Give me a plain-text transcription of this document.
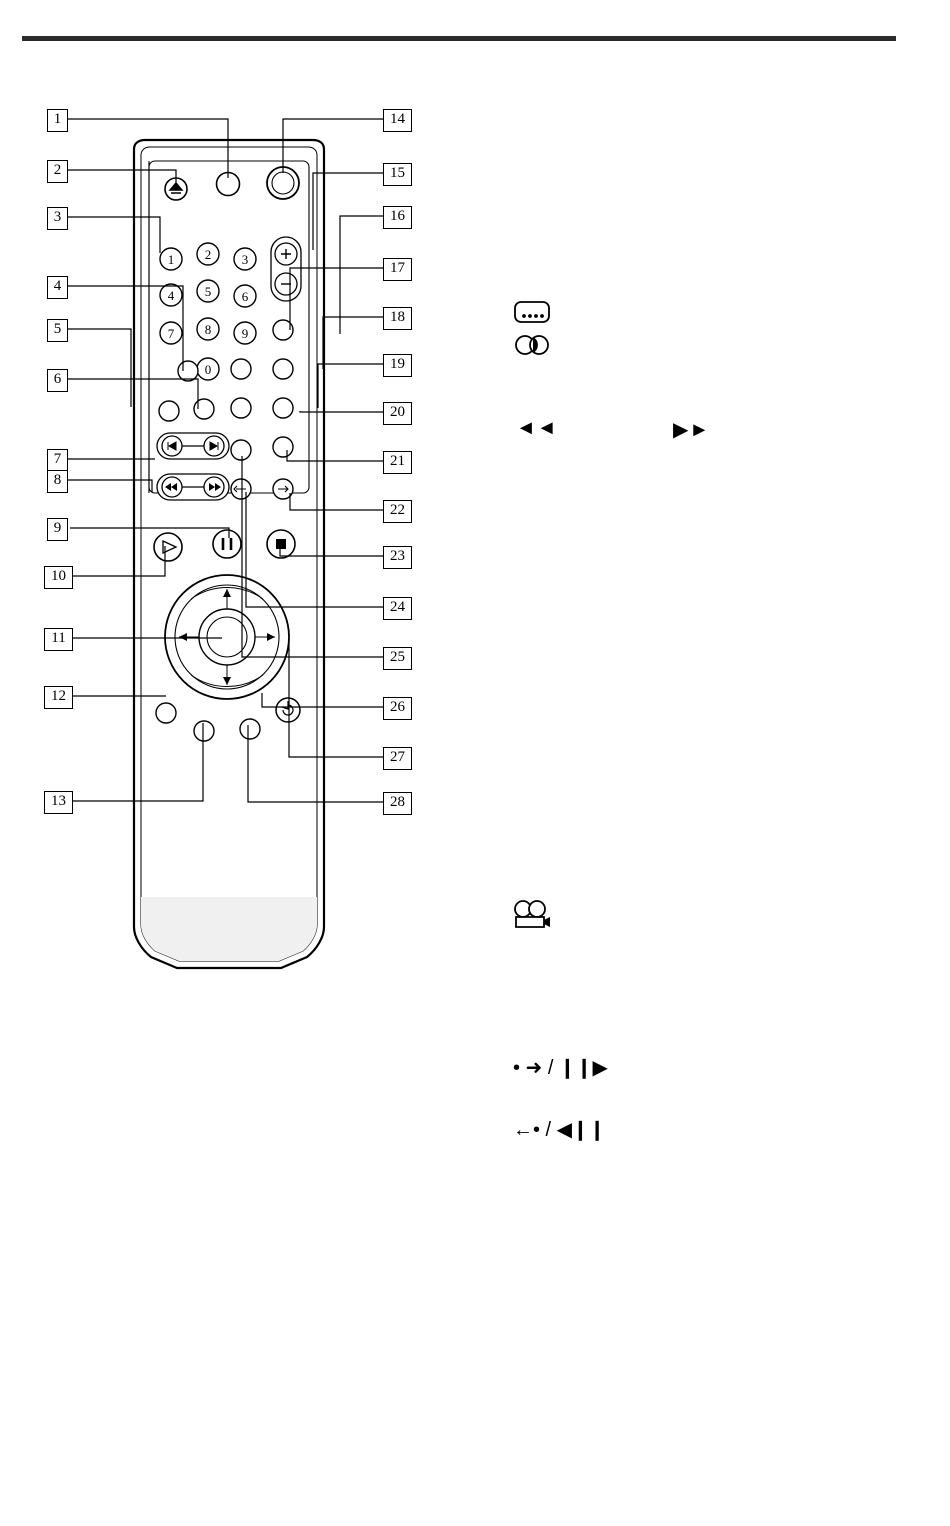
1 2 3
4 5 6
7 8 9
0
1
2
3
4
5
6
7
8
9
10
11
12
13
14
15
16
17
18
19
20
21
22
23
24
25
26
27
28
◄◄	▶►
• ➜ / ❙❙▶
←• / ◀❙❙
